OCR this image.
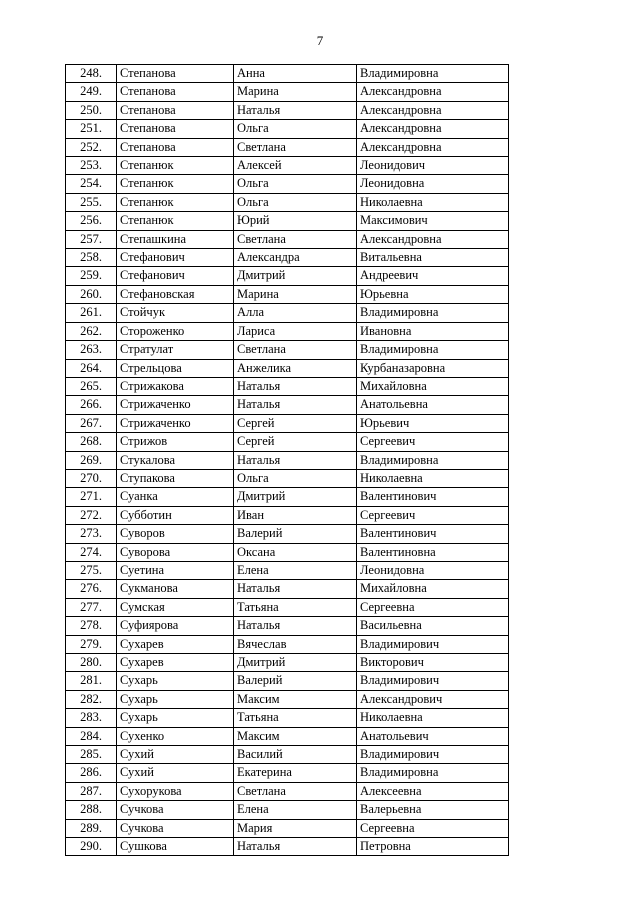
7
248.	Степанова	Анна	Владимировна
249.	Степанова	Марина	Александровна
250.	Степанова	Наталья	Александровна
251.	Степанова	Ольга	Александровна
252.	Степанова	Светлана	Александровна
253.	Степанюк	Алексей	Леонидович
254.	Степанюк	Ольга	Леонидовна
255.	Степанюк	Ольга	Николаевна
256.	Степанюк	Юрий	Максимович
257.	Степашкина	Светлана	Александровна
258.	Стефанович	Александра	Витальевна
259.	Стефанович	Дмитрий	Андреевич
260.	Стефановская	Марина	Юрьевна
261.	Стойчук	Алла	Владимировна
262.	Стороженко	Лариса	Ивановна
263.	Стратулат	Светлана	Владимировна
264.	Стрельцова	Анжелика	Курбаназаровна
265.	Стрижакова	Наталья	Михайловна
266.	Стрижаченко	Наталья	Анатольевна
267.	Стрижаченко	Сергей	Юрьевич
268.	Стрижов	Сергей	Сергеевич
269.	Стукалова	Наталья	Владимировна
270.	Ступакова	Ольга	Николаевна
271.	Суанка	Дмитрий	Валентинович
272.	Субботин	Иван	Сергеевич
273.	Суворов	Валерий	Валентинович
274.	Суворова	Оксана	Валентиновна
275.	Суетина	Елена	Леонидовна
276.	Сукманова	Наталья	Михайловна
277.	Сумская	Татьяна	Сергеевна
278.	Суфиярова	Наталья	Васильевна
279.	Сухарев	Вячеслав	Владимирович
280.	Сухарев	Дмитрий	Викторович
281.	Сухарь	Валерий	Владимирович
282.	Сухарь	Максим	Александрович
283.	Сухарь	Татьяна	Николаевна
284.	Сухенко	Максим	Анатольевич
285.	Сухий	Василий	Владимирович
286.	Сухий	Екатерина	Владимировна
287.	Сухорукова	Светлана	Алексеевна
288.	Сучкова	Елена	Валерьевна
289.	Сучкова	Мария	Сергеевна
290.	Сушкова	Наталья	Петровна
